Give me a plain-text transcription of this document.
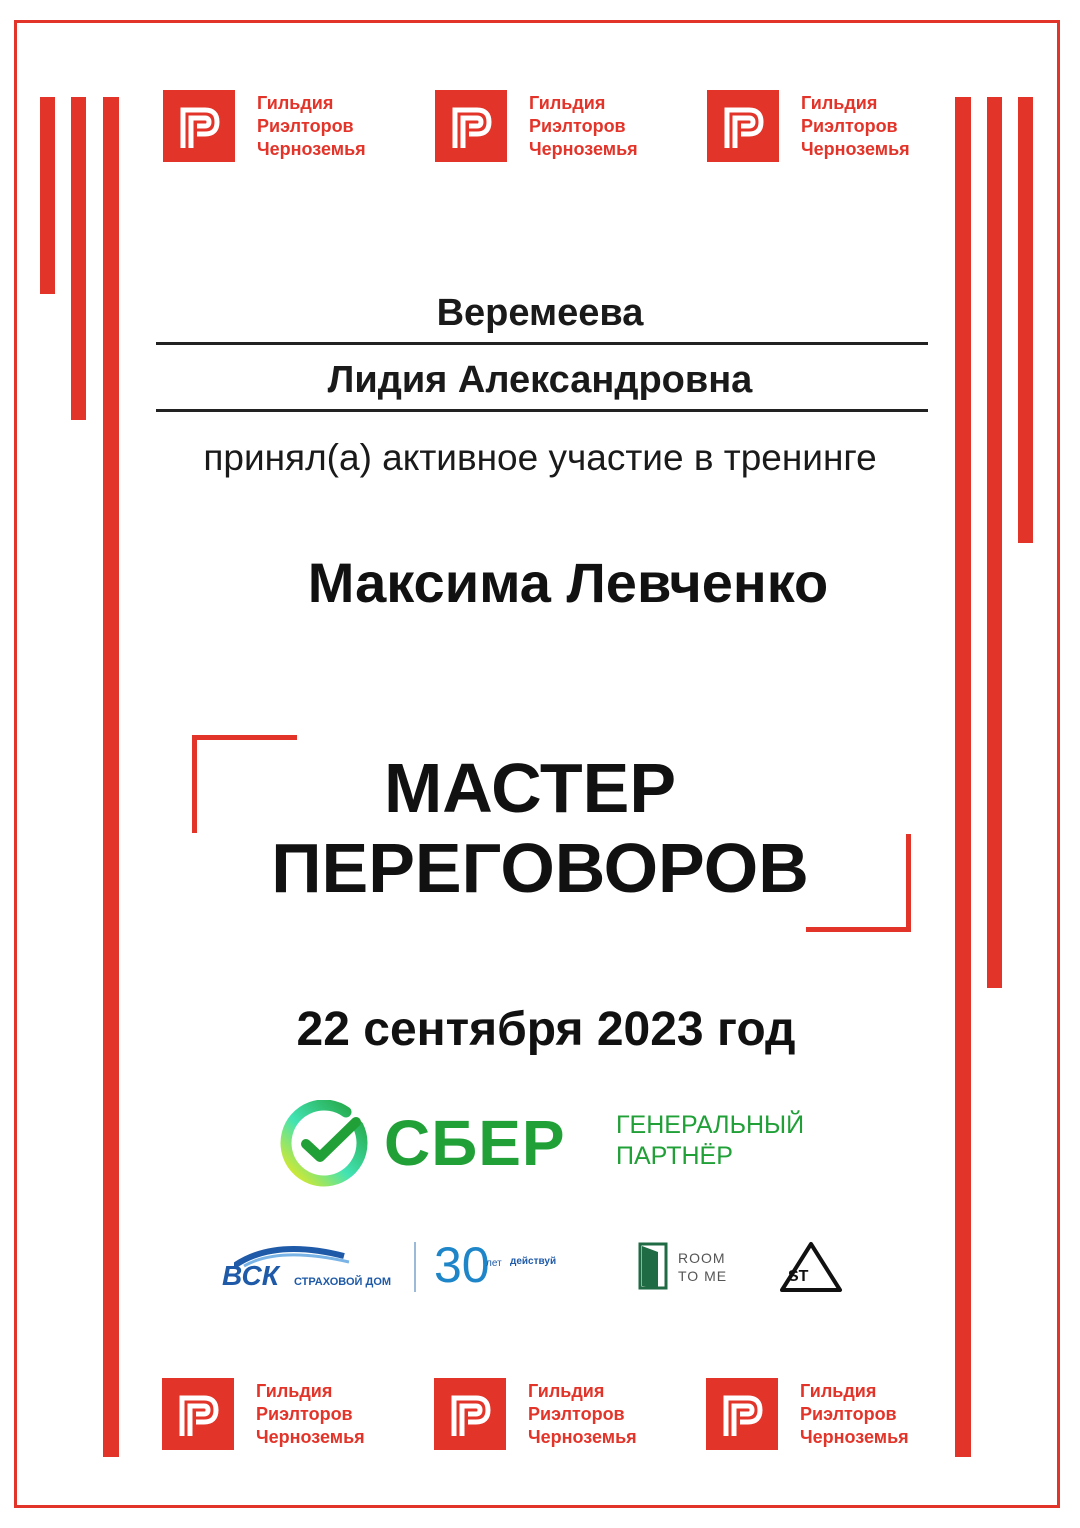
Гильдия
Риэлторов
Черноземья
Гильдия
Риэлторов
Черноземья
Гильдия
Риэлторов
Черноземья
Веремеева
Лидия Александровна
принял(а) активное участие в тренинге
Максима Левченко
МАСТЕР
ПЕРЕГОВОРОВ
22 сентября 2023 год
СБЕР ГЕНЕРАЛЬНЫЙ
ПАРТНЁР
ВСК СТРАХОВОЙ ДОМ 30
лет действуй	ROOM
TO ME	ST
Гильдия
Риэлторов
Черноземья
Гильдия
Риэлторов
Черноземья
Гильдия
Риэлторов
Черноземья
